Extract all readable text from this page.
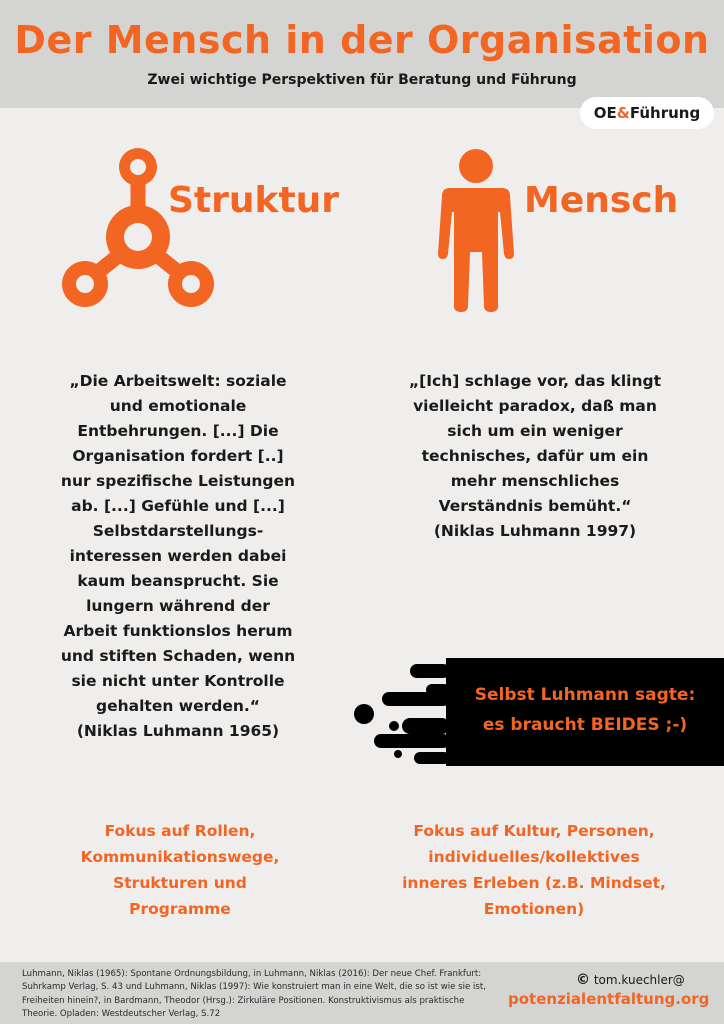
Der Mensch in der Organisation
Zwei wichtige Perspektiven für Beratung und Führung
OE&Führung
Struktur	Mensch
„Die Arbeitswelt: soziale
und emotionale
Entbehrungen. [...] Die
Organisation fordert [..]
nur spezifische Leistungen
ab. [...] Gefühle und [...]
Selbstdarstellungs-
interessen werden dabei
kaum beansprucht. Sie
lungern während der
Arbeit funktionslos herum
und stiften Schaden, wenn
sie nicht unter Kontrolle
gehalten werden.“
(Niklas Luhmann 1965)
„[Ich] schlage vor, das klingt
vielleicht paradox, daß man
sich um ein weniger
technisches, dafür um ein
mehr menschliches
Verständnis bemüht.“
(Niklas Luhmann 1997)
Selbst Luhmann sagte:
es braucht BEIDES ;-)
Fokus auf Rollen,
Kommunikationswege,
Strukturen und
Programme
Fokus auf Kultur, Personen,
individuelles/kollektives
inneres Erleben (z.B. Mindset,
Emotionen)
Luhmann, Niklas (1965): Spontane Ordnungsbildung, in Luhmann, Niklas (2016): Der neue Chef. Frankfurt:
Suhrkamp Verlag, S. 43 und Luhmann, Niklas (1997): Wie konstruiert man in eine Welt, die so ist wie sie ist,
Freiheiten hinein?, in Bardmann, Theodor (Hrsg.): Zirkuläre Positionen. Konstruktivismus als praktische
Theorie. Opladen: Westdeutscher Verlag, S.72
© tom.kuechler@
potenzialentfaltung.org
